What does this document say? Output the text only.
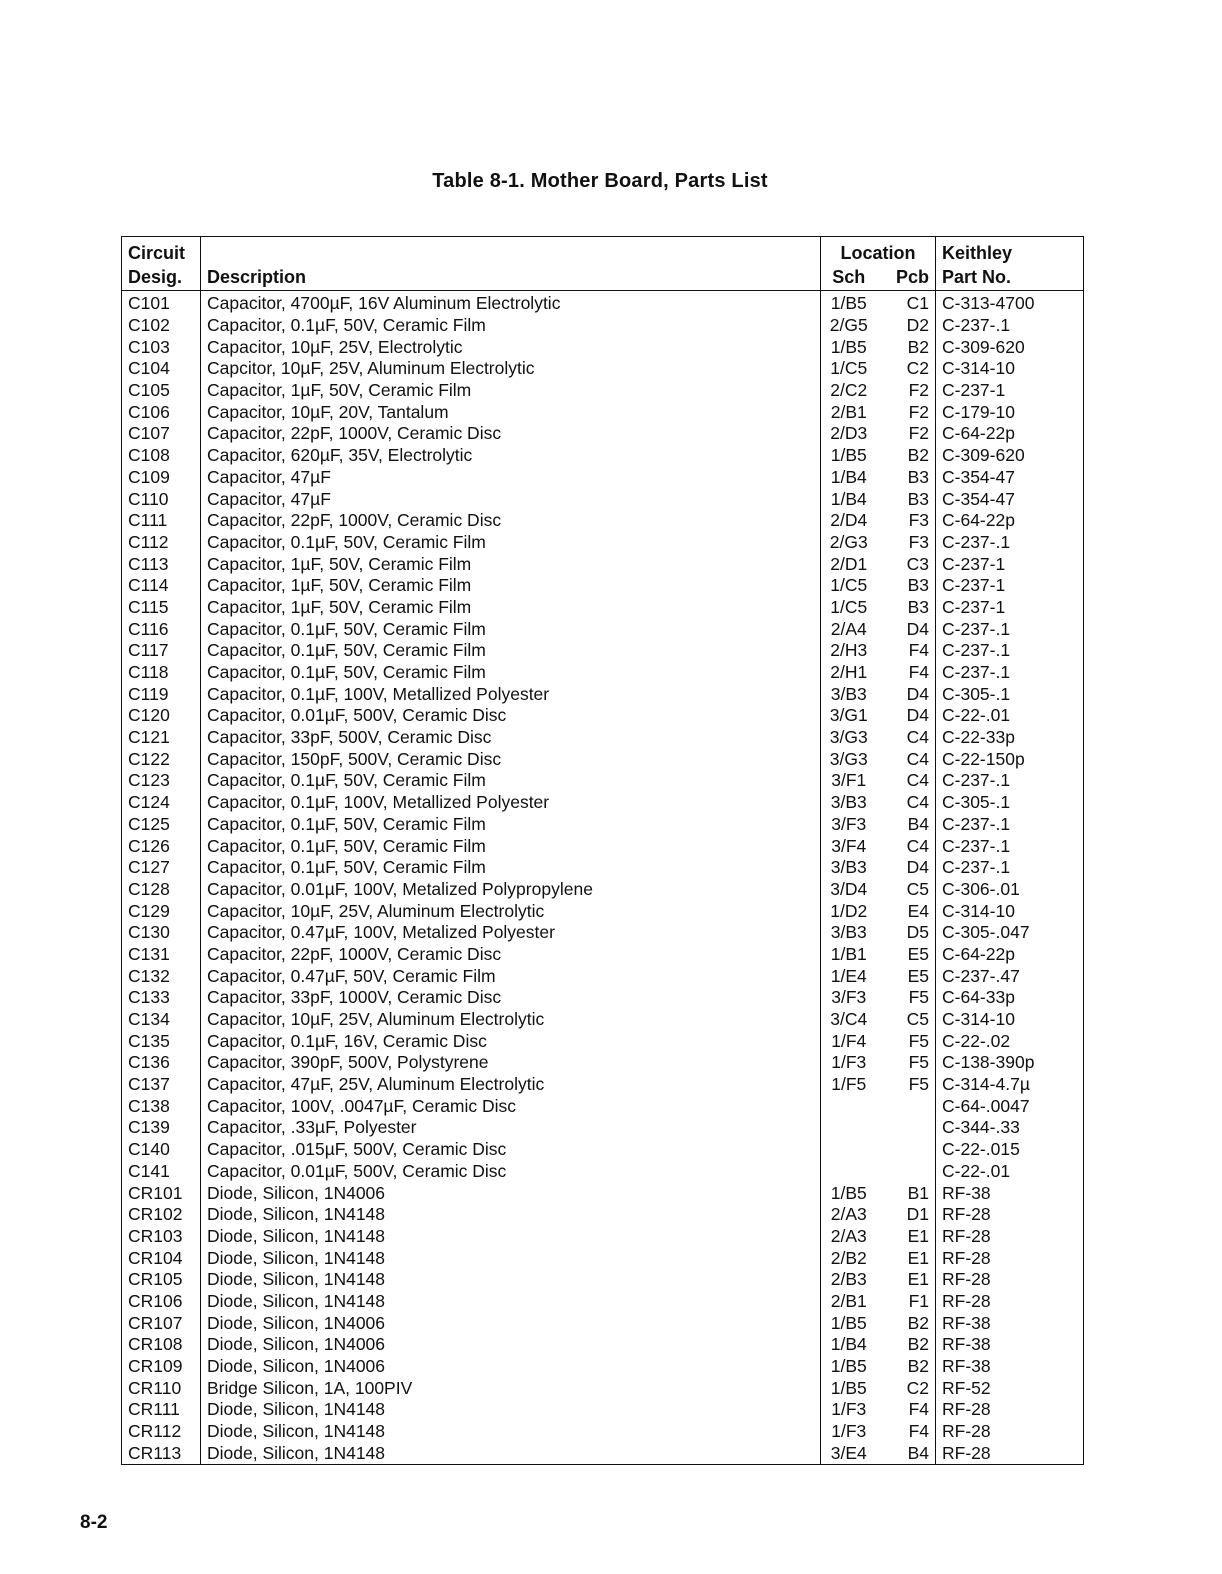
Table 8-1. Mother Board, Parts List
Circuit		Location		Keithley
Desig.	Description	Sch	Pcb	Part No.
C101	Capacitor, 4700µF, 16V Aluminum Electrolytic	1/B5	C1	C-313-4700
C102	Capacitor, 0.1µF, 50V, Ceramic Film	2/G5	D2	C-237-.1
C103	Capacitor, 10µF, 25V, Electrolytic	1/B5	B2	C-309-620
C104	Capcitor, 10µF, 25V, Aluminum Electrolytic	1/C5	C2	C-314-10
C105	Capacitor, 1µF, 50V, Ceramic Film	2/C2	F2	C-237-1
C106	Capacitor, 10µF, 20V, Tantalum	2/B1	F2	C-179-10
C107	Capacitor, 22pF, 1000V, Ceramic Disc	2/D3	F2	C-64-22p
C108	Capacitor, 620µF, 35V, Electrolytic	1/B5	B2	C-309-620
C109	Capacitor, 47µF	1/B4	B3	C-354-47
C110	Capacitor, 47µF	1/B4	B3	C-354-47
C111	Capacitor, 22pF, 1000V, Ceramic Disc	2/D4	F3	C-64-22p
C112	Capacitor, 0.1µF, 50V, Ceramic Film	2/G3	F3	C-237-.1
C113	Capacitor, 1µF, 50V, Ceramic Film	2/D1	C3	C-237-1
C114	Capacitor, 1µF, 50V, Ceramic Film	1/C5	B3	C-237-1
C115	Capacitor, 1µF, 50V, Ceramic Film	1/C5	B3	C-237-1
C116	Capacitor, 0.1µF, 50V, Ceramic Film	2/A4	D4	C-237-.1
C117	Capacitor, 0.1µF, 50V, Ceramic Film	2/H3	F4	C-237-.1
C118	Capacitor, 0.1µF, 50V, Ceramic Film	2/H1	F4	C-237-.1
C119	Capacitor, 0.1µF, 100V, Metallized Polyester	3/B3	D4	C-305-.1
C120	Capacitor, 0.01µF, 500V, Ceramic Disc	3/G1	D4	C-22-.01
C121	Capacitor, 33pF, 500V, Ceramic Disc	3/G3	C4	C-22-33p
C122	Capacitor, 150pF, 500V, Ceramic Disc	3/G3	C4	C-22-150p
C123	Capacitor, 0.1µF, 50V, Ceramic Film	3/F1	C4	C-237-.1
C124	Capacitor, 0.1µF, 100V, Metallized Polyester	3/B3	C4	C-305-.1
C125	Capacitor, 0.1µF, 50V, Ceramic Film	3/F3	B4	C-237-.1
C126	Capacitor, 0.1µF, 50V, Ceramic Film	3/F4	C4	C-237-.1
C127	Capacitor, 0.1µF, 50V, Ceramic Film	3/B3	D4	C-237-.1
C128	Capacitor, 0.01µF, 100V, Metalized Polypropylene	3/D4	C5	C-306-.01
C129	Capacitor, 10µF, 25V, Aluminum Electrolytic	1/D2	E4	C-314-10
C130	Capacitor, 0.47µF, 100V, Metalized Polyester	3/B3	D5	C-305-.047
C131	Capacitor, 22pF, 1000V, Ceramic Disc	1/B1	E5	C-64-22p
C132	Capacitor, 0.47µF, 50V, Ceramic Film	1/E4	E5	C-237-.47
C133	Capacitor, 33pF, 1000V, Ceramic Disc	3/F3	F5	C-64-33p
C134	Capacitor, 10µF, 25V, Aluminum Electrolytic	3/C4	C5	C-314-10
C135	Capacitor, 0.1µF, 16V, Ceramic Disc	1/F4	F5	C-22-.02
C136	Capacitor, 390pF, 500V, Polystyrene	1/F3	F5	C-138-390p
C137	Capacitor, 47µF, 25V, Aluminum Electrolytic	1/F5	F5	C-314-4.7µ
C138	Capacitor, 100V, .0047µF, Ceramic Disc			C-64-.0047
C139	Capacitor, .33µF, Polyester			C-344-.33
C140	Capacitor, .015µF, 500V, Ceramic Disc			C-22-.015
C141	Capacitor, 0.01µF, 500V, Ceramic Disc			C-22-.01
CR101	Diode, Silicon, 1N4006	1/B5	B1	RF-38
CR102	Diode, Silicon, 1N4148	2/A3	D1	RF-28
CR103	Diode, Silicon, 1N4148	2/A3	E1	RF-28
CR104	Diode, Silicon, 1N4148	2/B2	E1	RF-28
CR105	Diode, Silicon, 1N4148	2/B3	E1	RF-28
CR106	Diode, Silicon, 1N4148	2/B1	F1	RF-28
CR107	Diode, Silicon, 1N4006	1/B5	B2	RF-38
CR108	Diode, Silicon, 1N4006	1/B4	B2	RF-38
CR109	Diode, Silicon, 1N4006	1/B5	B2	RF-38
CR110	Bridge Silicon, 1A, 100PIV	1/B5	C2	RF-52
CR111	Diode, Silicon, 1N4148	1/F3	F4	RF-28
CR112	Diode, Silicon, 1N4148	1/F3	F4	RF-28
CR113	Diode, Silicon, 1N4148	3/E4	B4	RF-28
8-2
